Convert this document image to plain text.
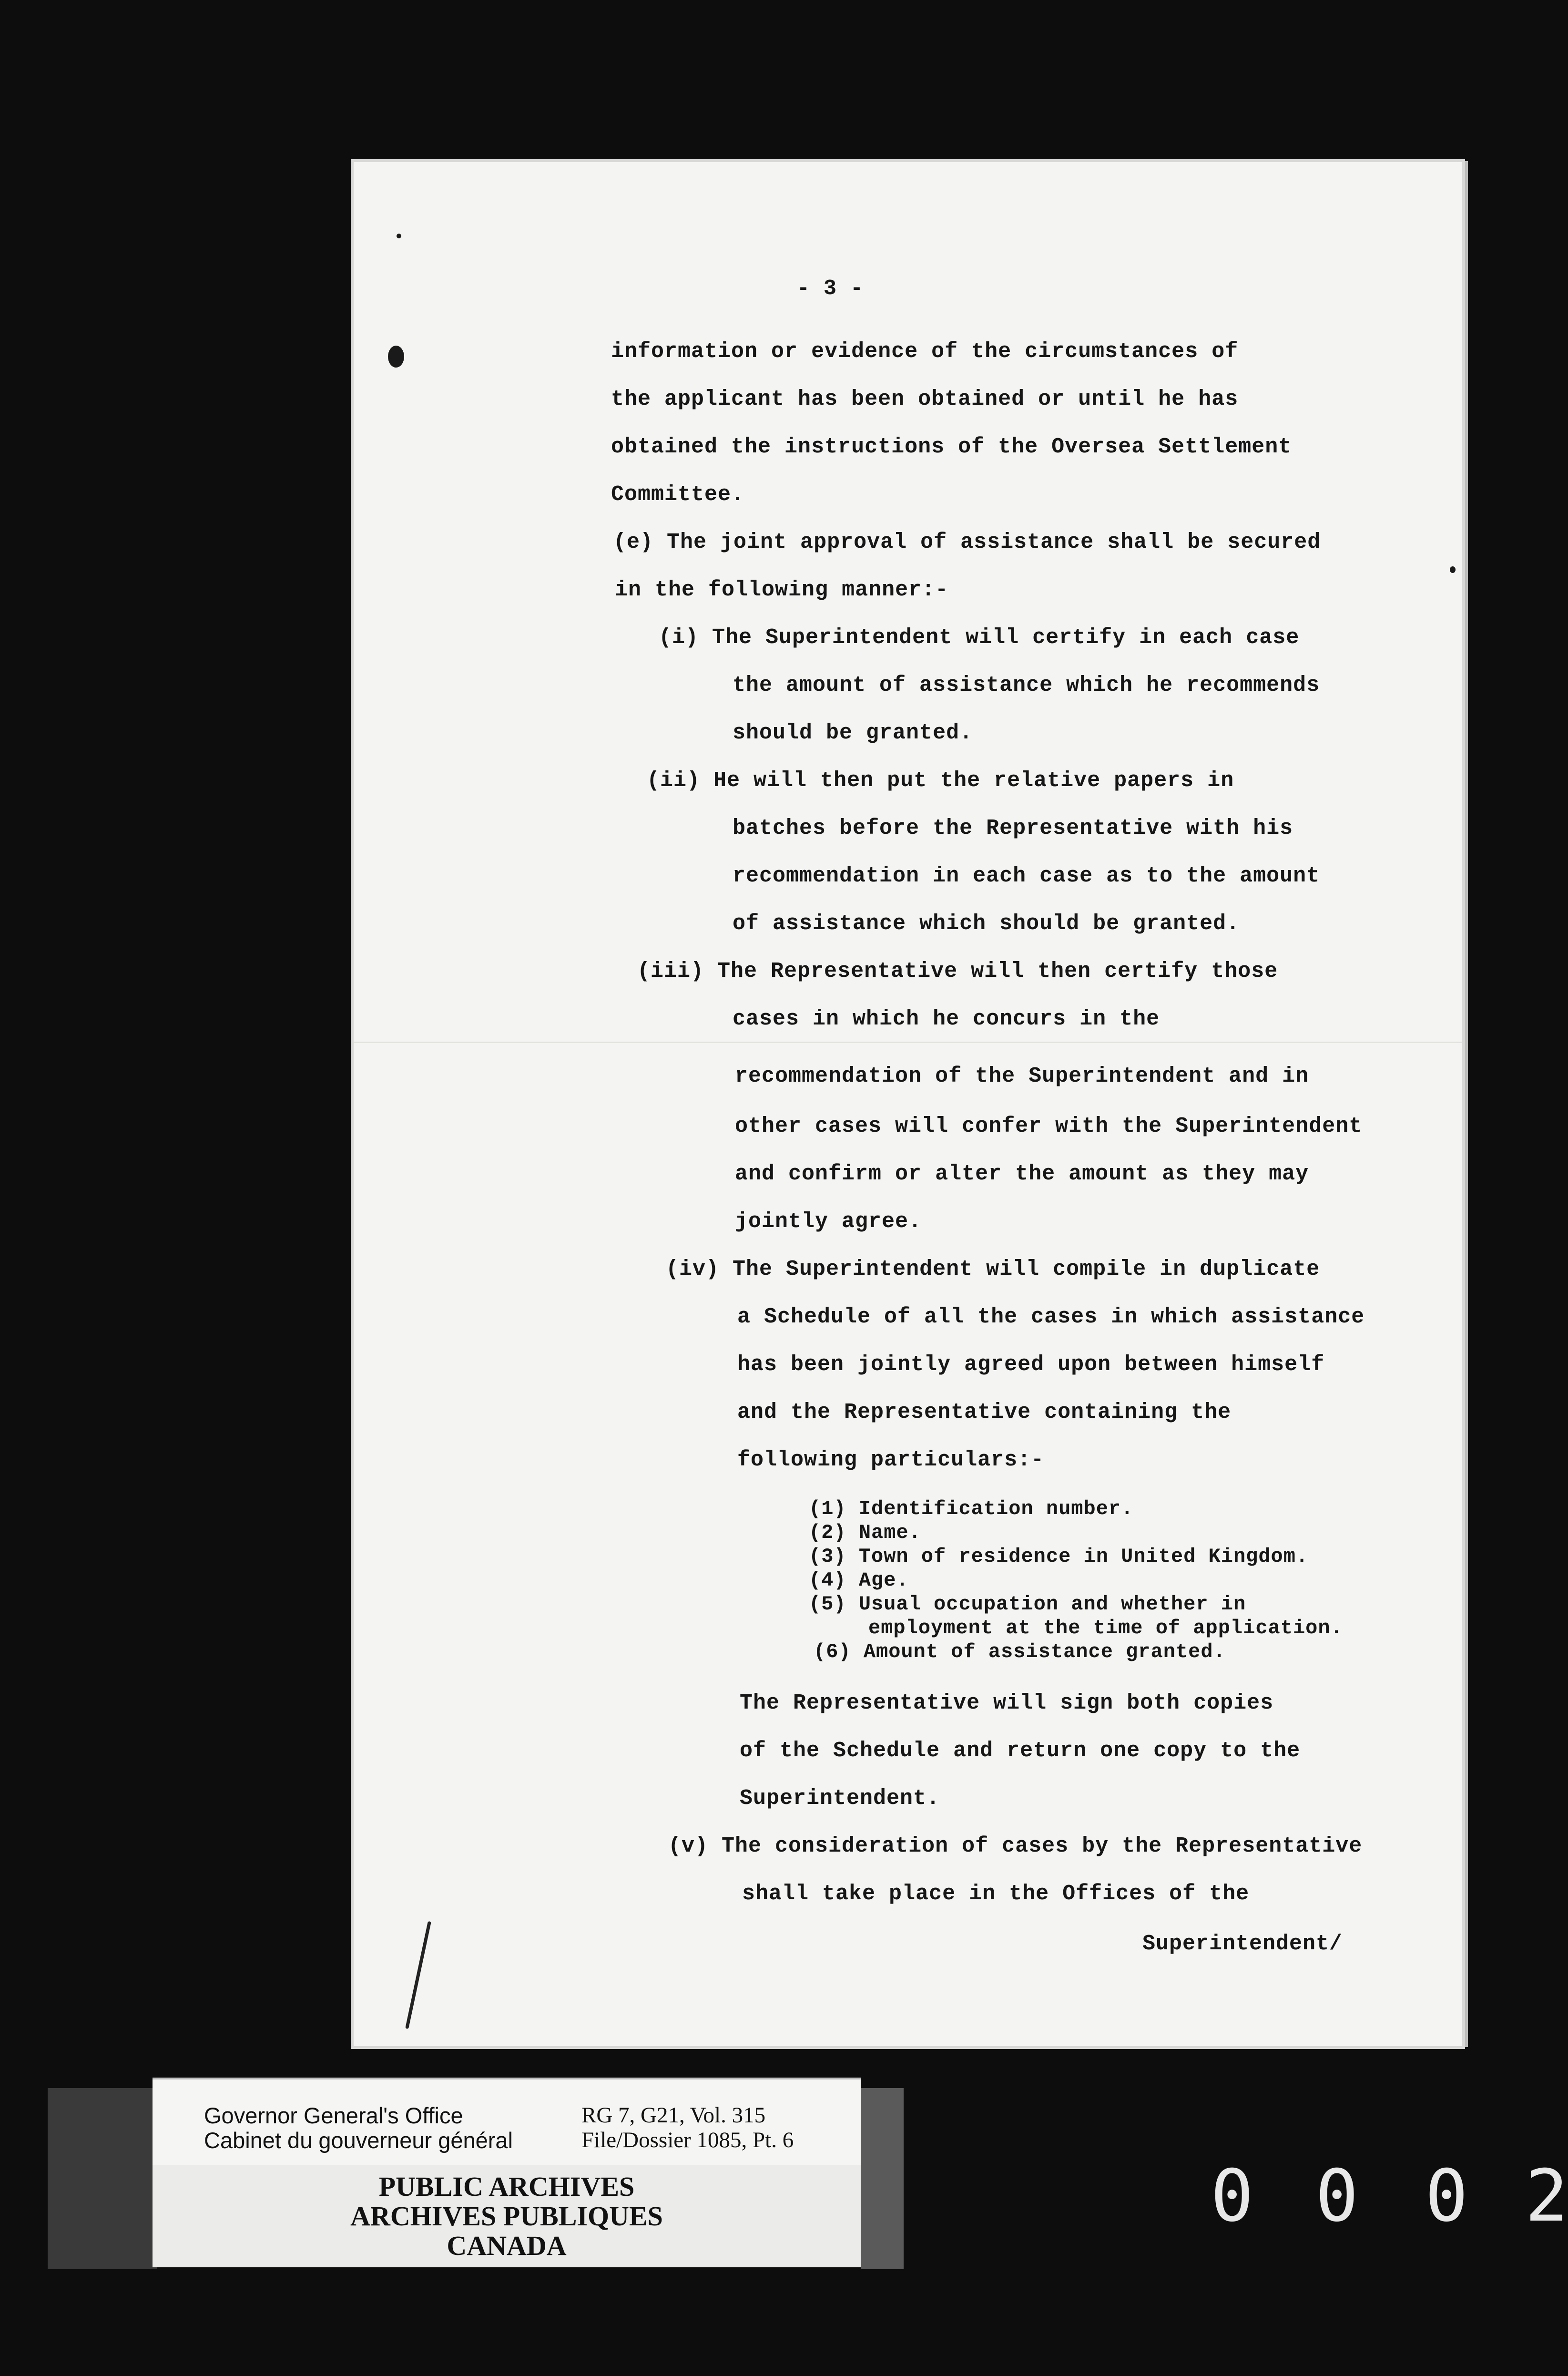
- 3 -
information or evidence of the circumstances of
the applicant has been obtained or until he has
obtained the instructions of the Oversea Settlement
Committee.
(e) The joint approval of assistance shall be secured
in the following manner:-
(i) The Superintendent will certify in each case
the amount of assistance which he recommends
should be granted.
(ii) He will then put the relative papers in
batches before the Representative with his
recommendation in each case as to the amount
of assistance which should be granted.
(iii) The Representative will then certify those
cases in which he concurs in the
recommendation of the Superintendent and in
other cases will confer with the Superintendent
and confirm or alter the amount as they may
jointly agree.
(iv) The Superintendent will compile in duplicate
a Schedule of all the cases in which assistance
has been jointly agreed upon between himself
and the Representative containing the
following particulars:-
(1) Identification number.
(2) Name.
(3) Town of residence in United Kingdom.
(4) Age.
(5) Usual occupation and whether in
employment at the time of application.
(6) Amount of assistance granted.
The Representative will sign both copies
of the Schedule and return one copy to the
Superintendent.
(v) The consideration of cases by the Representative
shall take place in the Offices of the
Superintendent/
Governor General's Office
Cabinet du gouverneur général
RG 7, G21, Vol. 315
File/Dossier 1085, Pt. 6
PUBLIC ARCHIVES
ARCHIVES PUBLIQUES
CANADA
0 0 0 2
